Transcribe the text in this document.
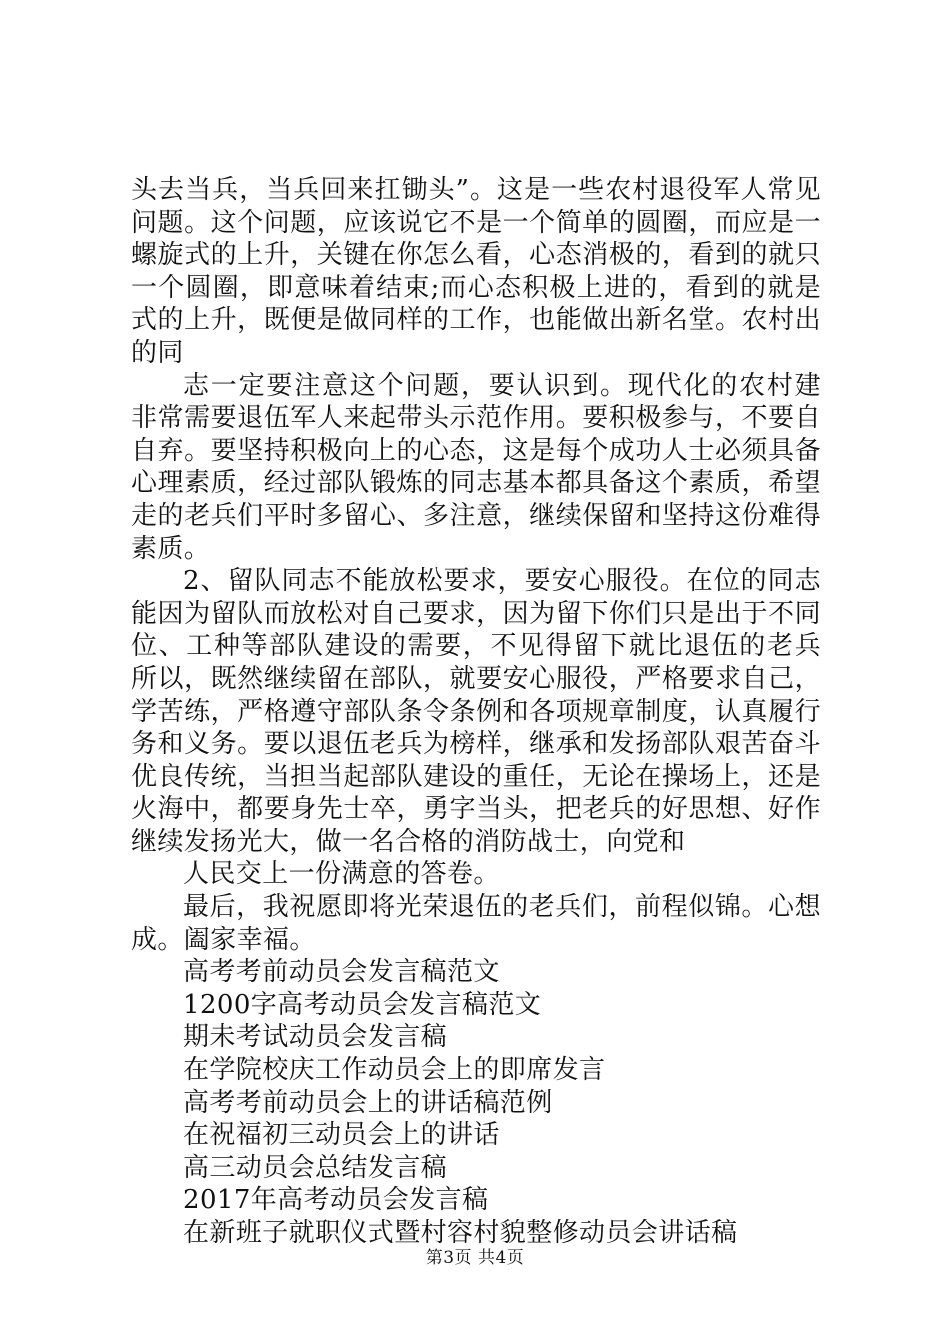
头去当兵，当兵回来扛锄头”。这是一些农村退役军人常见
问题。这个问题，应该说它不是一个简单的圆圈，而应是一
螺旋式的上升，关键在你怎么看，心态消极的，看到的就只
一个圆圈，即意味着结束;而心态积极上进的，看到的就是
式的上升，既便是做同样的工作，也能做出新名堂。农村出
的同
志一定要注意这个问题，要认识到。现代化的农村建
非常需要退伍军人来起带头示范作用。要积极参与，不要自
自弃。要坚持积极向上的心态，这是每个成功人士必须具备
心理素质，经过部队锻炼的同志基本都具备这个素质，希望
走的老兵们平时多留心、多注意，继续保留和坚持这份难得
素质。
2、留队同志不能放松要求，要安心服役。在位的同志
能因为留队而放松对自己要求，因为留下你们只是出于不同
位、工种等部队建设的需要，不见得留下就比退伍的老兵
所以，既然继续留在部队，就要安心服役，严格要求自己，
学苦练，严格遵守部队条令条例和各项规章制度，认真履行
务和义务。要以退伍老兵为榜样，继承和发扬部队艰苦奋斗
优良传统，当担当起部队建设的重任，无论在操场上，还是
火海中，都要身先士卒，勇字当头，把老兵的好思想、好作
继续发扬光大，做一名合格的消防战士，向党和
人民交上一份满意的答卷。
最后，我祝愿即将光荣退伍的老兵们，前程似锦。心想
成。阖家幸福。
高考考前动员会发言稿范文
1200字高考动员会发言稿范文
期未考试动员会发言稿
在学院校庆工作动员会上的即席发言
高考考前动员会上的讲话稿范例
在祝福初三动员会上的讲话
高三动员会总结发言稿
2017年高考动员会发言稿
在新班子就职仪式暨村容村貌整修动员会讲话稿
第3页 共4页
